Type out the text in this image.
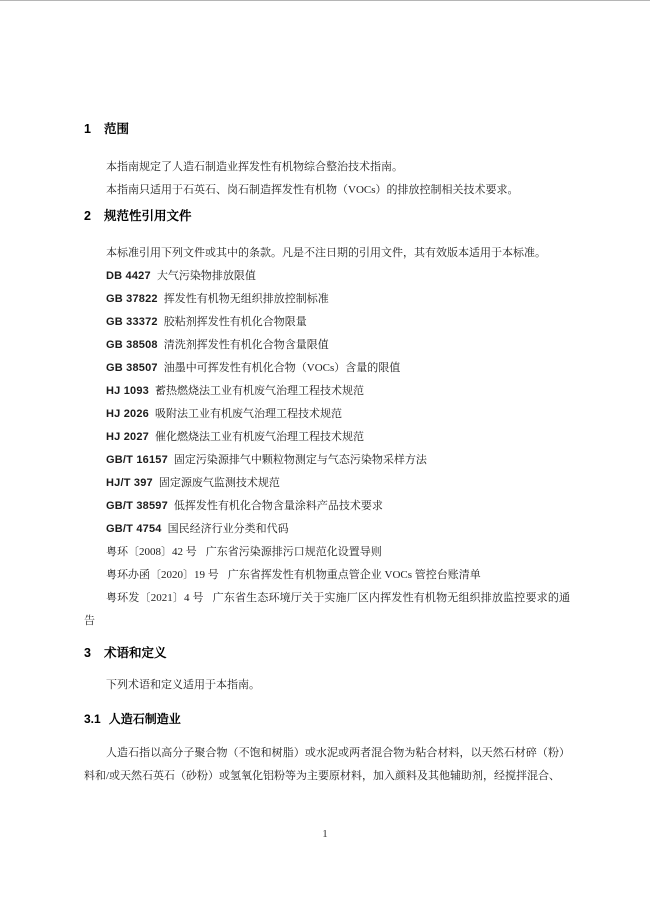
1 范围

本指南规定了人造石制造业挥发性有机物综合整治技术指南。

本指南只适用于石英石、岗石制造挥发性有机物（VOCs）的排放控制相关技术要求。

2 规范性引用文件

本标准引用下列文件或其中的条款。凡是不注日期的引用文件，其有效版本适用于本标准。

DB 4427 大气污染物排放限值

GB 37822 挥发性有机物无组织排放控制标准

GB 33372 胶粘剂挥发性有机化合物限量

GB 38508 清洗剂挥发性有机化合物含量限值

GB 38507 油墨中可挥发性有机化合物（VOCs）含量的限值

HJ 1093 蓄热燃烧法工业有机废气治理工程技术规范

HJ 2026 吸附法工业有机废气治理工程技术规范

HJ 2027 催化燃烧法工业有机废气治理工程技术规范

GB/T 16157 固定污染源排气中颗粒物测定与气态污染物采样方法

HJ/T 397 固定源废气监测技术规范

GB/T 38597 低挥发性有机化合物含量涂料产品技术要求

GB/T 4754 国民经济行业分类和代码

粤环〔2008〕42 号 广东省污染源排污口规范化设置导则

粤环办函〔2020〕19 号 广东省挥发性有机物重点管企业 VOCs 管控台账清单

粤环发〔2021〕4 号 广东省生态环境厅关于实施厂区内挥发性有机物无组织排放监控要求的通告

3 术语和定义

下列术语和定义适用于本指南。

3.1 人造石制造业

人造石指以高分子聚合物（不饱和树脂）或水泥或两者混合物为粘合材料，以天然石材碎（粉）料和/或天然石英石（砂粉）或氢氧化铝粉等为主要原材料，加入颜料及其他辅助剂，经搅拌混合、

1
